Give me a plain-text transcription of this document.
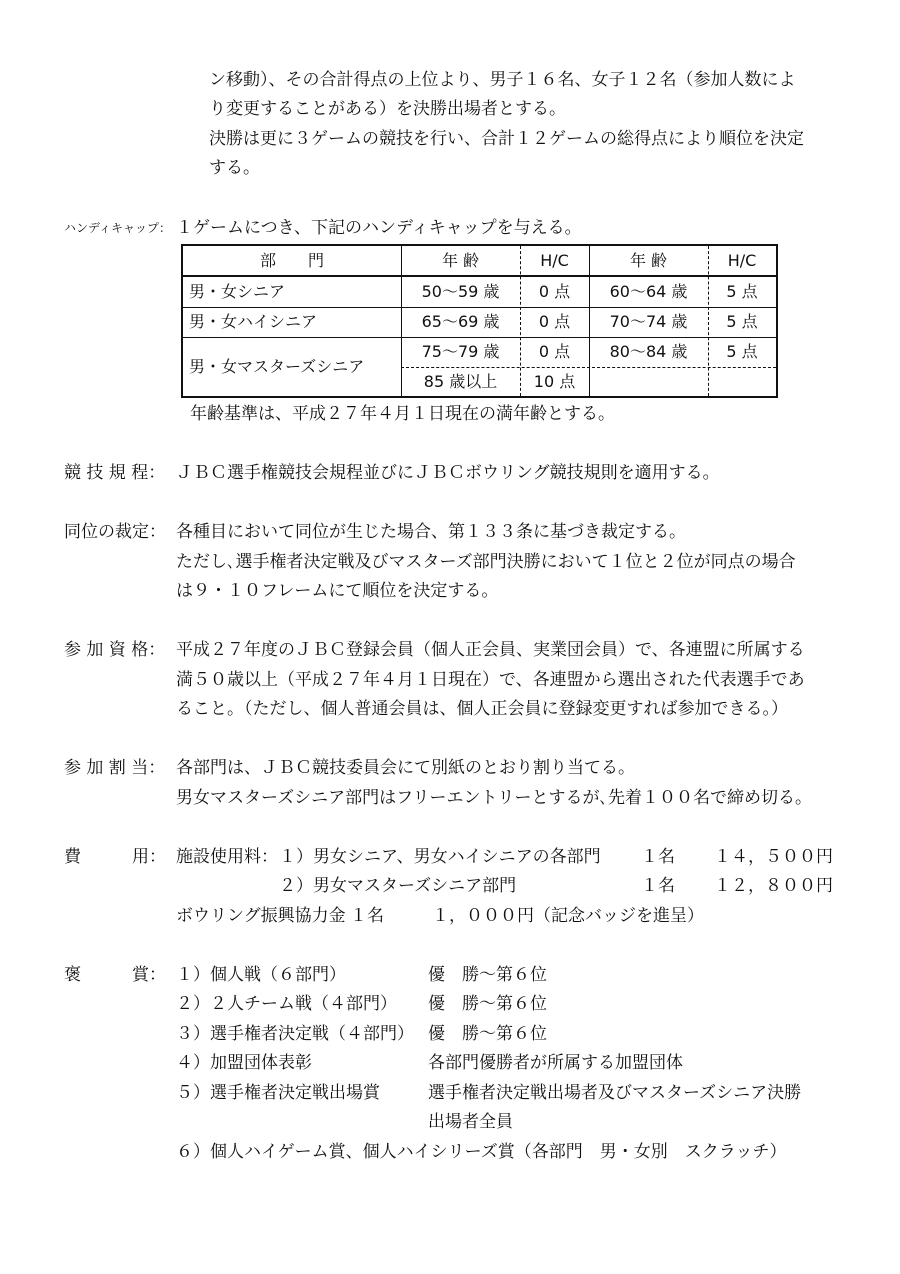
ン移動）、その合計得点の上位より、男子１６名、女子１２名（参加人数によ
り変更することがある）を決勝出場者とする。
決勝は更に３ゲームの競技を行い、合計１２ゲームの総得点により順位を決定
する。
ハンディキャップ： １ゲームにつき、下記のハンディキャップを与える。
部　　門	年 齢	H/C	年 齢	H/C
男・女シニア	50～59 歳	0 点	60～64 歳	5 点
男・女ハイシニア	65～69 歳	0 点	70～74 歳	5 点
男・女マスターズシニア
75～79 歳	0 点	80～84 歳	5 点
85 歳以上	10 点
年齢基準は、平成２７年４月１日現在の満年齢とする。
競 技 規 程： ＪＢＣ選手権競技会規程並びにＪＢＣボウリング競技規則を適用する。
同位の裁定： 各種目において同位が生じた場合、第１３３条に基づき裁定する。
ただし､選手権者決定戦及びマスターズ部門決勝において１位と２位が同点の場合
は９・１０フレームにて順位を決定する。
参 加 資 格： 平成２７年度のＪＢＣ登録会員（個人正会員、実業団会員）で、各連盟に所属する
満５０歳以上（平成２７年４月１日現在）で、各連盟から選出された代表選手であ
ること。（ただし、個人普通会員は、個人正会員に登録変更すれば参加できる。）
参 加 割 当： 各部門は、ＪＢＣ競技委員会にて別紙のとおり割り当てる。
男女マスターズシニア部門はフリーエントリーとするが､先着１００名で締め切る。
費　　　用： 施設使用料： １）男女シニア、男女ハイシニアの各部門 １名 １４，５００円
２）男女マスターズシニア部門	１名 １２，８００円
ボウリング振興協力金 １名	１，０００円（記念バッジを進呈）
褒　　　賞： １）個人戦（６部門）	優　勝～第６位
２）２人チーム戦（４部門） 優　勝～第６位
３）選手権者決定戦（４部門） 優　勝～第６位
４）加盟団体表彰	各部門優勝者が所属する加盟団体
５）選手権者決定戦出場賞	選手権者決定戦出場者及びマスターズシニア決勝
出場者全員
６）個人ハイゲーム賞、個人ハイシリーズ賞（各部門　男・女別　スクラッチ）
